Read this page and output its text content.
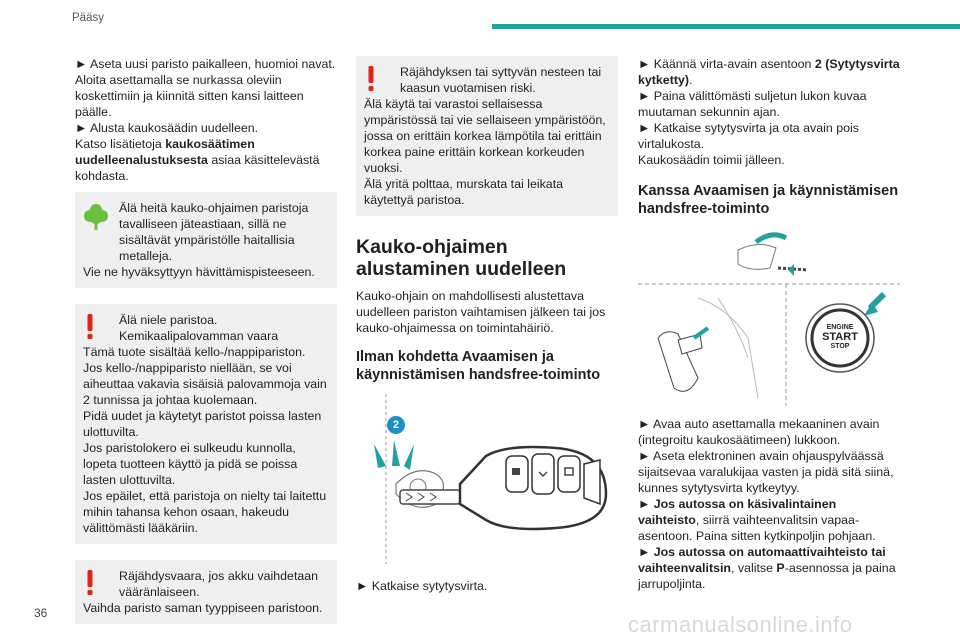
Pääsy

► Aseta uusi paristo paikalleen, huomioi navat. Aloita asettamalla se nurkassa oleviin koskettimiin ja kiinnitä sitten kansi laitteen päälle.

► Alusta kaukosäädin uudelleen.

Katso lisätietoja kaukosäätimen uudelleenalustuksesta asiaa käsittelevästä kohdasta.

Älä heitä kauko-ohjaimen paristoja tavalliseen jäteastiaan, sillä ne sisältävät ympäristölle haitallisia metalleja.

Vie ne hyväksyttyyn hävittämispisteeseen.

Älä niele paristoa.

Kemikaalipalovamman vaara

Tämä tuote sisältää kello-/nappipariston.

Jos kello-/nappiparisto niellään, se voi aiheuttaa vakavia sisäisiä palovammoja vain 2 tunnissa ja johtaa kuolemaan.

Pidä uudet ja käytetyt paristot poissa lasten ulottuvilta.

Jos paristolokero ei sulkeudu kunnolla, lopeta tuotteen käyttö ja pidä se poissa lasten ulottuvilta.

Jos epäilet, että paristoja on nielty tai laitettu mihin tahansa kehon osaan, hakeudu välittömästi lääkäriin.

Räjähdysvaara, jos akku vaihdetaan vääränlaiseen.

Vaihda paristo saman tyyppiseen paristoon.

Räjähdyksen tai syttyvän nesteen tai kaasun vuotamisen riski.

Älä käytä tai varastoi sellaisessa ympäristössä tai vie sellaiseen ympäristöön, jossa on erittäin korkea lämpötila tai erittäin korkea paine erittäin korkean korkeuden vuoksi.

Älä yritä polttaa, murskata tai leikata käytettyä paristoa.

Kauko-ohjaimen alustaminen uudelleen

Kauko-ohjain on mahdollisesti alustettava uudelleen pariston vaihtamisen jälkeen tai jos kauko-ohjaimessa on toimintahäiriö.

Ilman kohdetta Avaamisen ja käynnistämisen handsfree-toiminto
2

► Katkaise sytytysvirta.

► Käännä virta-avain asentoon 2 (Sytytysvirta kytketty).

► Paina välittömästi suljetun lukon kuvaa muutaman sekunnin ajan.

► Katkaise sytytysvirta ja ota avain pois virtalukosta.

Kaukosäädin toimii jälleen.

Kanssa Avaamisen ja käynnistämisen handsfree-toiminto
ENGINE
START
STOP

► Avaa auto asettamalla mekaaninen avain (integroitu kaukosäätimeen) lukkoon.

► Aseta elektroninen avain ohjauspylväässä sijaitsevaa varalukijaa vasten ja pidä sitä siinä, kunnes sytytysvirta kytkeytyy.

► Jos autossa on käsivalintainen vaihteisto, siirrä vaihteenvalitsin vapaa-asentoon. Paina sitten kytkinpoljin pohjaan.

► Jos autossa on automaattivaihteisto tai vaihteenvalitsin, valitse P-asennossa ja paina jarrupoljinta.

36	carmanualsonline.info
